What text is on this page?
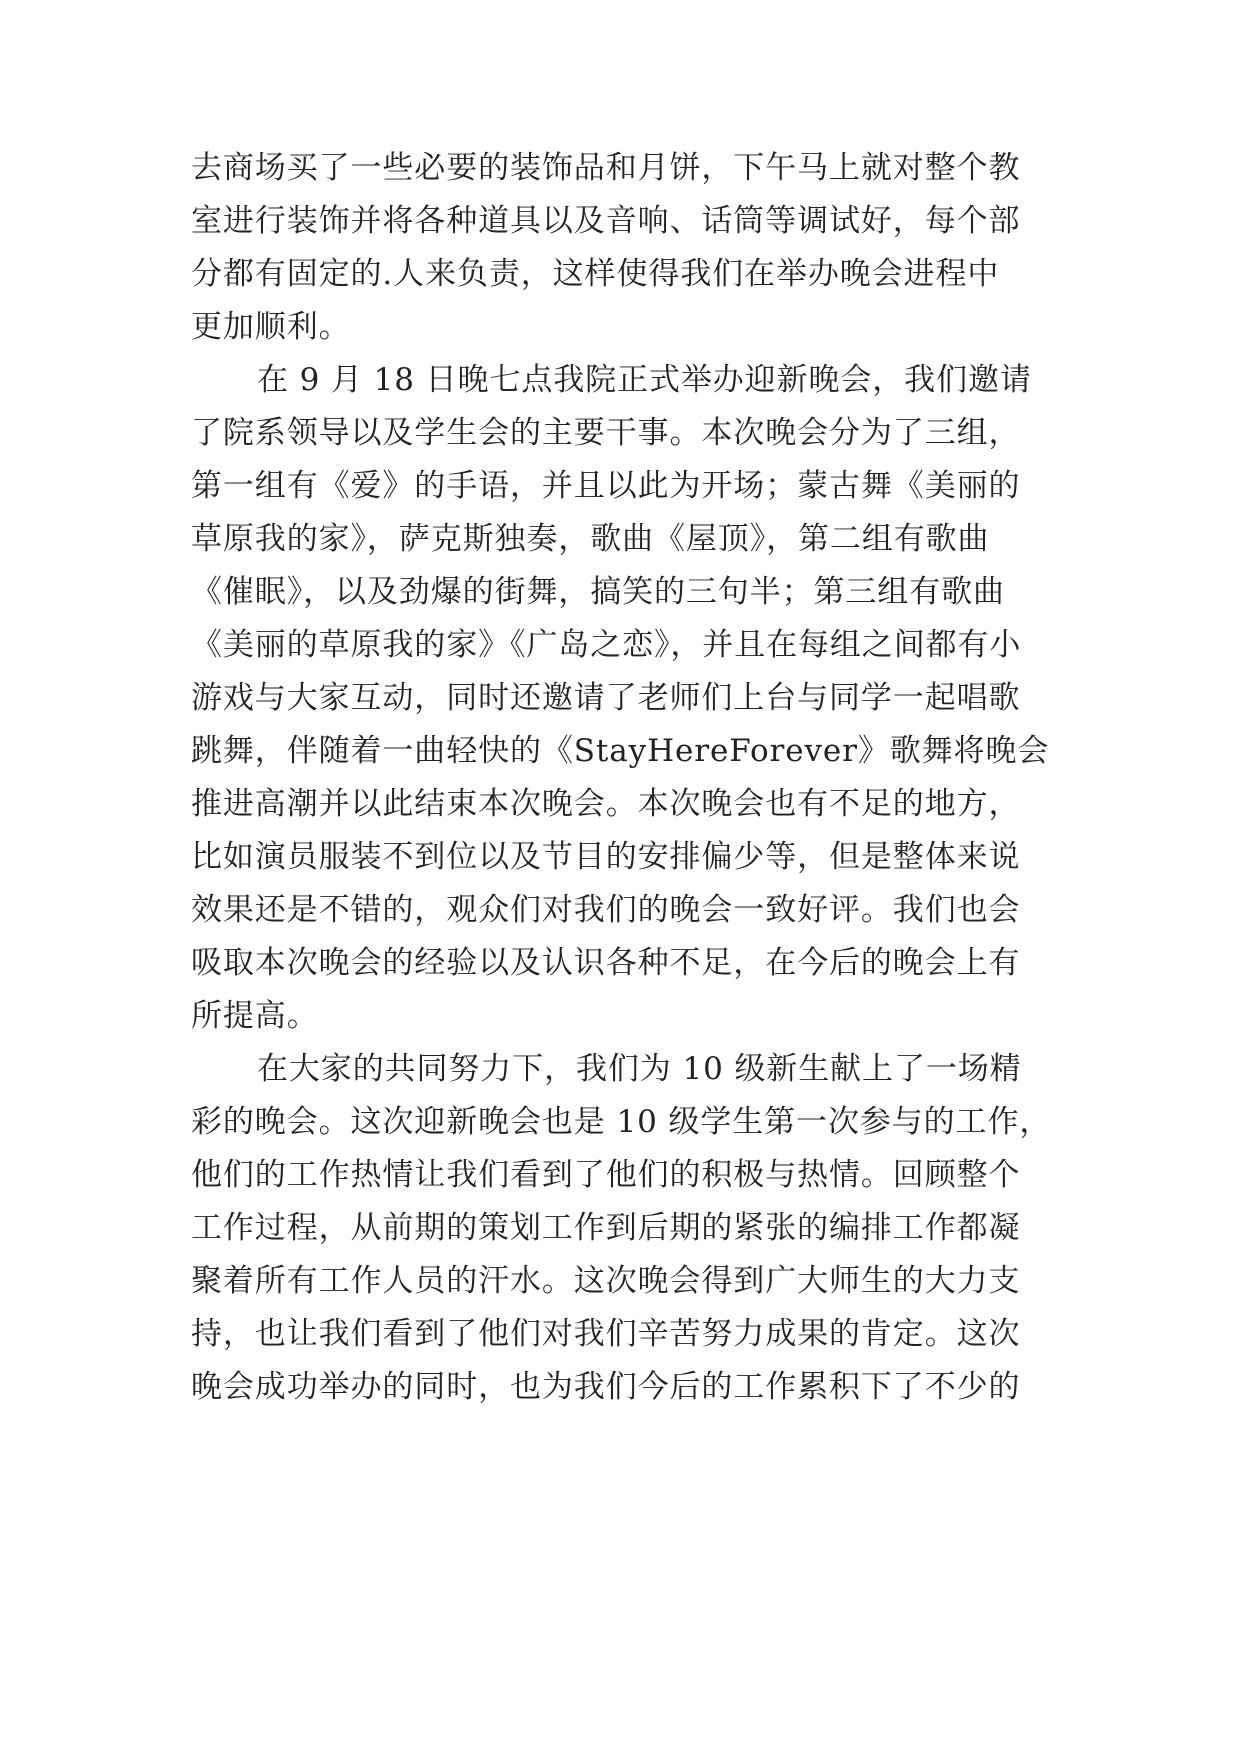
去商场买了一些必要的装饰品和月饼，下午马上就对整个教
室进行装饰并将各种道具以及音响、话筒等调试好，每个部
分都有固定的.人来负责，这样使得我们在举办晚会进程中
更加顺利。
在 9 月 18 日晚七点我院正式举办迎新晚会，我们邀请
了院系领导以及学生会的主要干事。本次晚会分为了三组，
第一组有《爱》的手语，并且以此为开场；蒙古舞《美丽的
草原我的家》，萨克斯独奏，歌曲《屋顶》，第二组有歌曲
《催眠》，以及劲爆的街舞，搞笑的三句半；第三组有歌曲
《美丽的草原我的家》《广岛之恋》，并且在每组之间都有小
游戏与大家互动，同时还邀请了老师们上台与同学一起唱歌
跳舞，伴随着一曲轻快的《StayHereForever》歌舞将晚会
推进高潮并以此结束本次晚会。本次晚会也有不足的地方，
比如演员服装不到位以及节目的安排偏少等，但是整体来说
效果还是不错的，观众们对我们的晚会一致好评。我们也会
吸取本次晚会的经验以及认识各种不足，在今后的晚会上有
所提高。
在大家的共同努力下，我们为 10 级新生献上了一场精
彩的晚会。这次迎新晚会也是 10 级学生第一次参与的工作，
他们的工作热情让我们看到了他们的积极与热情。回顾整个
工作过程，从前期的策划工作到后期的紧张的编排工作都凝
聚着所有工作人员的汗水。这次晚会得到广大师生的大力支
持，也让我们看到了他们对我们辛苦努力成果的肯定。这次
晚会成功举办的同时，也为我们今后的工作累积下了不少的
